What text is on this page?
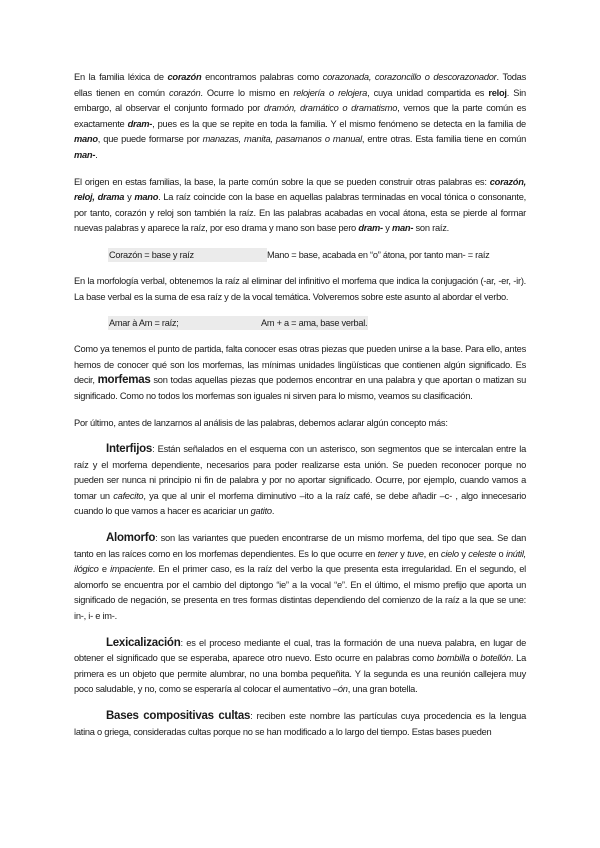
En la familia léxica de corazón encontramos palabras como corazonada, corazoncillo o descorazonador. Todas ellas tienen en común corazón. Ocurre lo mismo en relojería o relojera, cuya unidad compartida es reloj. Sin embargo, al observar el conjunto formado por dramón, dramático o dramatismo, vemos que la parte común es exactamente dram-, pues es la que se repite en toda la familia. Y el mismo fenómeno se detecta en la familia de mano, que puede formarse por manazas, manita, pasamanos o manual, entre otras. Esta familia tiene en común man-.

El origen en estas familias, la base, la parte común sobre la que se pueden construir otras palabras es: corazón, reloj, drama y mano. La raíz coincide con la base en aquellas palabras terminadas en vocal tónica o consonante, por tanto, corazón y reloj son también la raíz. En las palabras acabadas en vocal átona, esta se pierde al formar nuevas palabras y aparece la raíz, por eso drama y mano son base pero dram- y man- son raíz.

Corazón = base y raíz	Mano = base, acabada en “o” átona, por tanto man- = raíz

En la morfología verbal, obtenemos la raíz al eliminar del infinitivo el morfema que indica la conjugación (-ar, -er, -ir). La base verbal es la suma de esa raíz y de la vocal temática. Volveremos sobre este asunto al abordar el verbo.

Amar à Am = raíz;	Am + a = ama, base verbal.

Como ya tenemos el punto de partida, falta conocer esas otras piezas que pueden unirse a la base. Para ello, antes hemos de conocer qué son los morfemas, las mínimas unidades lingüísticas que contienen algún significado. Es decir, morfemas son todas aquellas piezas que podemos encontrar en una palabra y que aportan o matizan su significado. Como no todos los morfemas son iguales ni sirven para lo mismo, veamos su clasificación.

Por último, antes de lanzarnos al análisis de las palabras, debemos aclarar algún concepto más:

Interfijos: Están señalados en el esquema con un asterisco, son segmentos que se intercalan entre la raíz y el morfema dependiente, necesarios para poder realizarse esta unión. Se pueden reconocer porque no pueden ser nunca ni principio ni fin de palabra y por no aportar significado. Ocurre, por ejemplo, cuando vamos a tomar un cafecito, ya que al unir el morfema diminutivo –ito a la raíz café, se debe añadir –c- , algo innecesario cuando lo que vamos a hacer es acariciar un gatito.

Alomorfo: son las variantes que pueden encontrarse de un mismo morfema, del tipo que sea. Se dan tanto en las raíces como en los morfemas dependientes. Es lo que ocurre en tener y tuve, en cielo y celeste o inútil, ilógico e impaciente. En el primer caso, es la raíz del verbo la que presenta esta irregularidad. En el segundo, el alomorfo se encuentra por el cambio del diptongo “ie” a la vocal “e”. En el último, el mismo prefijo que aporta un significado de negación, se presenta en tres formas distintas dependiendo del comienzo de la raíz a la que se une: in-, i- e im-.

Lexicalización: es el proceso mediante el cual, tras la formación de una nueva palabra, en lugar de obtener el significado que se esperaba, aparece otro nuevo. Esto ocurre en palabras como bombilla o botellón. La primera es un objeto que permite alumbrar, no una bomba pequeñita. Y la segunda es una reunión callejera muy poco saludable, y no, como se esperaría al colocar el aumentativo –ón, una gran botella.

Bases compositivas cultas: reciben este nombre las partículas cuya procedencia es la lengua latina o griega, consideradas cultas porque no se han modificado a lo largo del tiempo. Estas bases pueden
